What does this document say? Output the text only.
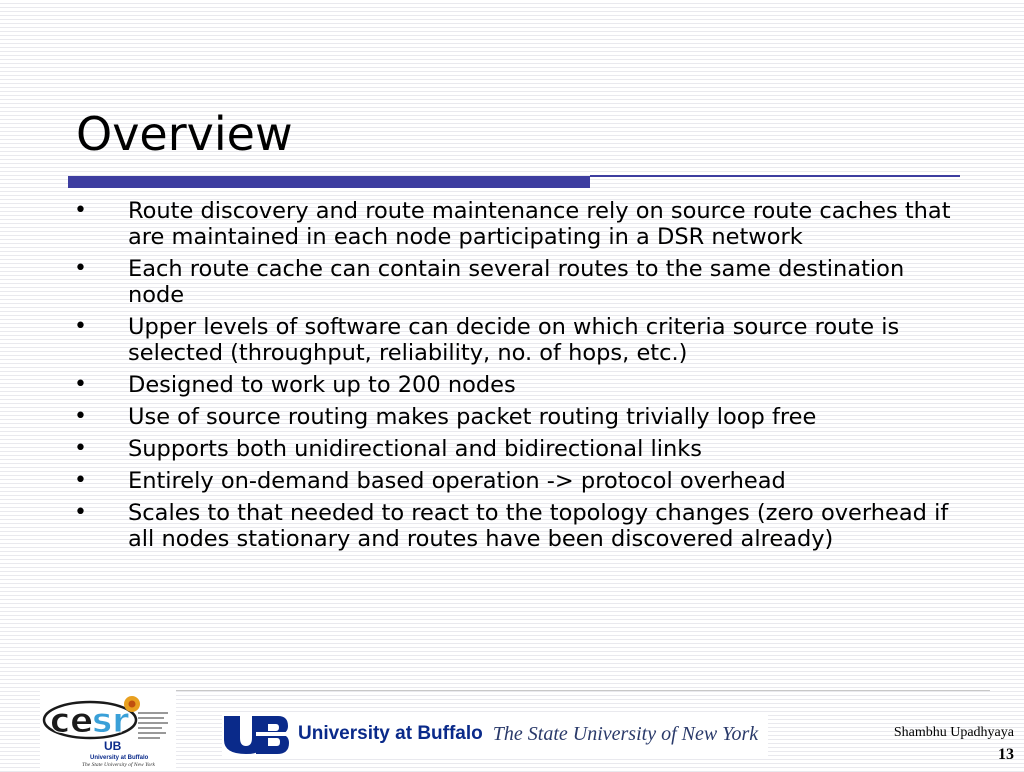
Overview
•	Route discovery and route maintenance rely on source route caches that are maintained in each node participating in a DSR network
•	Each route cache can contain several routes to the same destination node
•	Upper levels of software can decide on which criteria source route is selected (throughput, reliability, no. of hops, etc.)
•	Designed to work up to 200 nodes
•	Use of source routing makes packet routing trivially loop free
•	Supports both unidirectional and bidirectional links
•	Entirely on-demand based operation -> protocol overhead
•	Scales to that needed to react to the topology changes (zero overhead if all nodes stationary and routes have been discovered already)
ce
sr
UB
University at Buffalo
The State University of New York
University at Buffalo The State University of New York	Shambhu Upadhyaya
13
